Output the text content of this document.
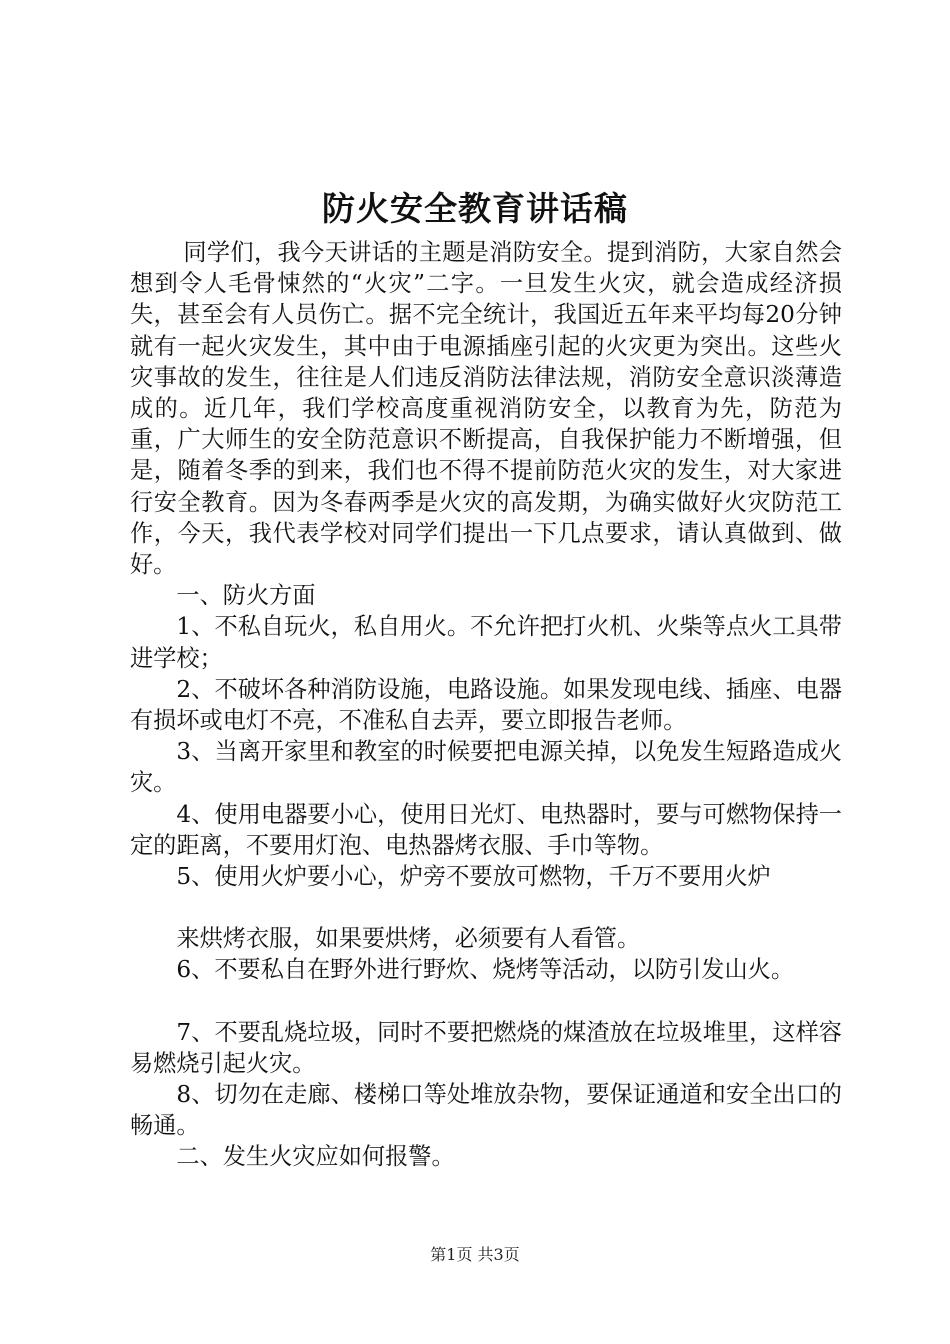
防火安全教育讲话稿

同学们，我今天讲话的主题是消防安全。提到消防，大家自然会想到令人毛骨悚然的“火灾”二字。一旦发生火灾，就会造成经济损失，甚至会有人员伤亡。据不完全统计，我国近五年来平均每20分钟就有一起火灾发生，其中由于电源插座引起的火灾更为突出。这些火灾事故的发生，往往是人们违反消防法律法规，消防安全意识淡薄造成的。近几年，我们学校高度重视消防安全，以教育为先，防范为重，广大师生的安全防范意识不断提高，自我保护能力不断增强，但是，随着冬季的到来，我们也不得不提前防范火灾的发生，对大家进行安全教育。因为冬春两季是火灾的高发期，为确实做好火灾防范工作，今天，我代表学校对同学们提出一下几点要求，请认真做到、做好。

一、防火方面

1、不私自玩火，私自用火。不允许把打火机、火柴等点火工具带进学校；

2、不破坏各种消防设施，电路设施。如果发现电线、插座、电器有损坏或电灯不亮，不准私自去弄，要立即报告老师。

3、当离开家里和教室的时候要把电源关掉，以免发生短路造成火灾。

4、使用电器要小心，使用日光灯、电热器时，要与可燃物保持一定的距离，不要用灯泡、电热器烤衣服、手巾等物。

5、使用火炉要小心，炉旁不要放可燃物，千万不要用火炉

来烘烤衣服，如果要烘烤，必须要有人看管。

6、不要私自在野外进行野炊、烧烤等活动，以防引发山火。

7、不要乱烧垃圾，同时不要把燃烧的煤渣放在垃圾堆里，这样容易燃烧引起火灾。

8、切勿在走廊、楼梯口等处堆放杂物，要保证通道和安全出口的畅通。

二、发生火灾应如何报警。

第1页 共3页
